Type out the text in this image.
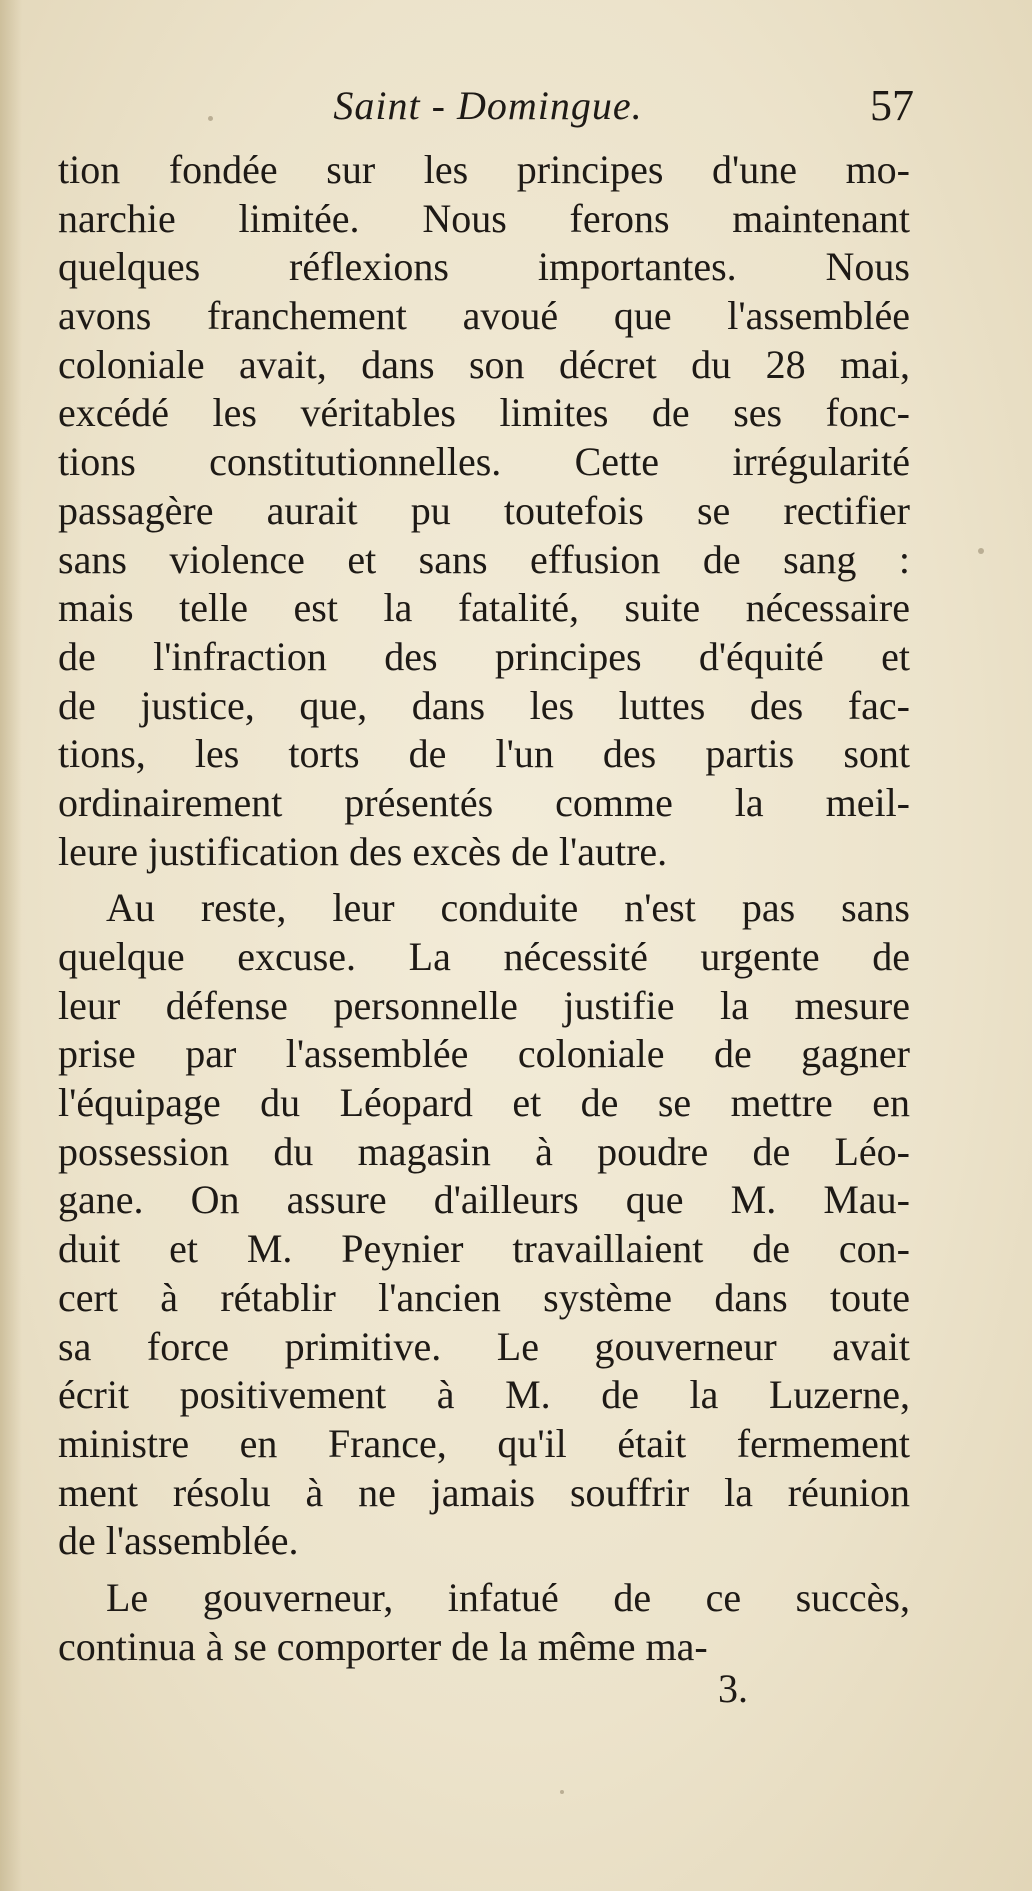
Saint - Domingue.	57
tion fondée sur les principes d'une mo-
narchie limitée. Nous ferons maintenant
quelques réflexions importantes. Nous
avons franchement avoué que l'assemblée
coloniale avait, dans son décret du 28 mai,
excédé les véritables limites de ses fonc-
tions constitutionnelles. Cette irrégularité
passagère aurait pu toutefois se rectifier
sans violence et sans effusion de sang :
mais telle est la fatalité, suite nécessaire
de l'infraction des principes d'équité et
de justice, que, dans les luttes des fac-
tions, les torts de l'un des partis sont
ordinairement présentés comme la meil-
leure justification des excès de l'autre.
Au reste, leur conduite n'est pas sans
quelque excuse. La nécessité urgente de
leur défense personnelle justifie la mesure
prise par l'assemblée coloniale de gagner
l'équipage du Léopard et de se mettre en
possession du magasin à poudre de Léo-
gane. On assure d'ailleurs que M. Mau-
duit et M. Peynier travaillaient de con-
cert à rétablir l'ancien système dans toute
sa force primitive. Le gouverneur avait
écrit positivement à M. de la Luzerne,
ministre en France, qu'il était fermement
ment résolu à ne jamais souffrir la réunion
de l'assemblée.
Le gouverneur, infatué de ce succès,
continua à se comporter de la même ma-
3.
